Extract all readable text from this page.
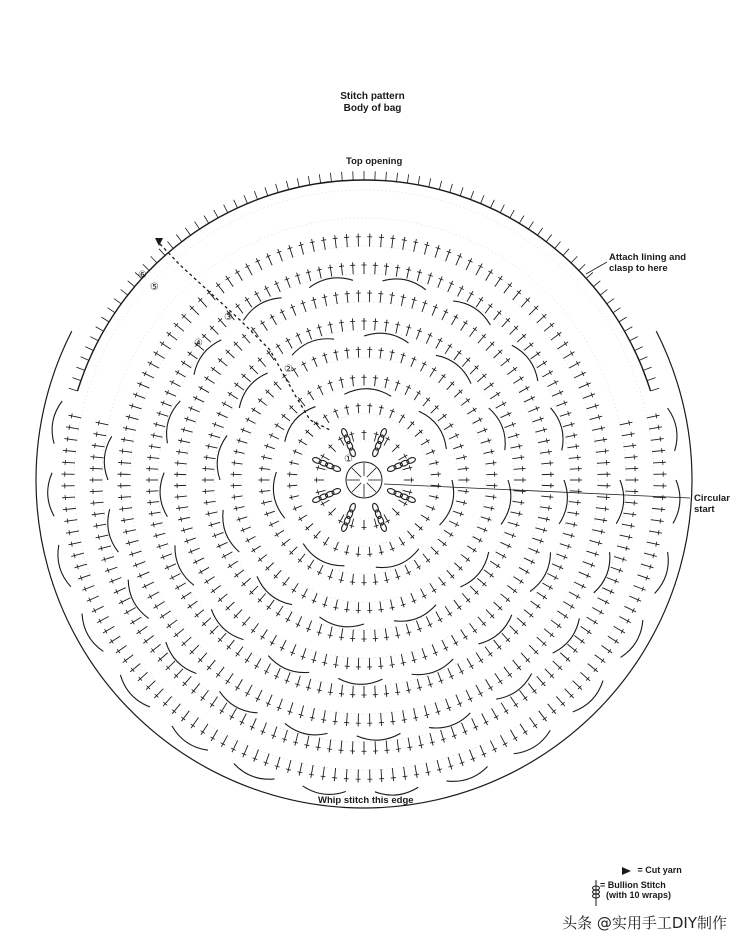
Stitch pattern
Body of bag
Top opening
Attach lining and
clasp to here
Circular
start
Whip stitch this edge
①
②
③
④
⑤
⑥
= Cut yarn
= Bullion Stitch
(with 10 wraps)
头条 @实用手工DIY制作
